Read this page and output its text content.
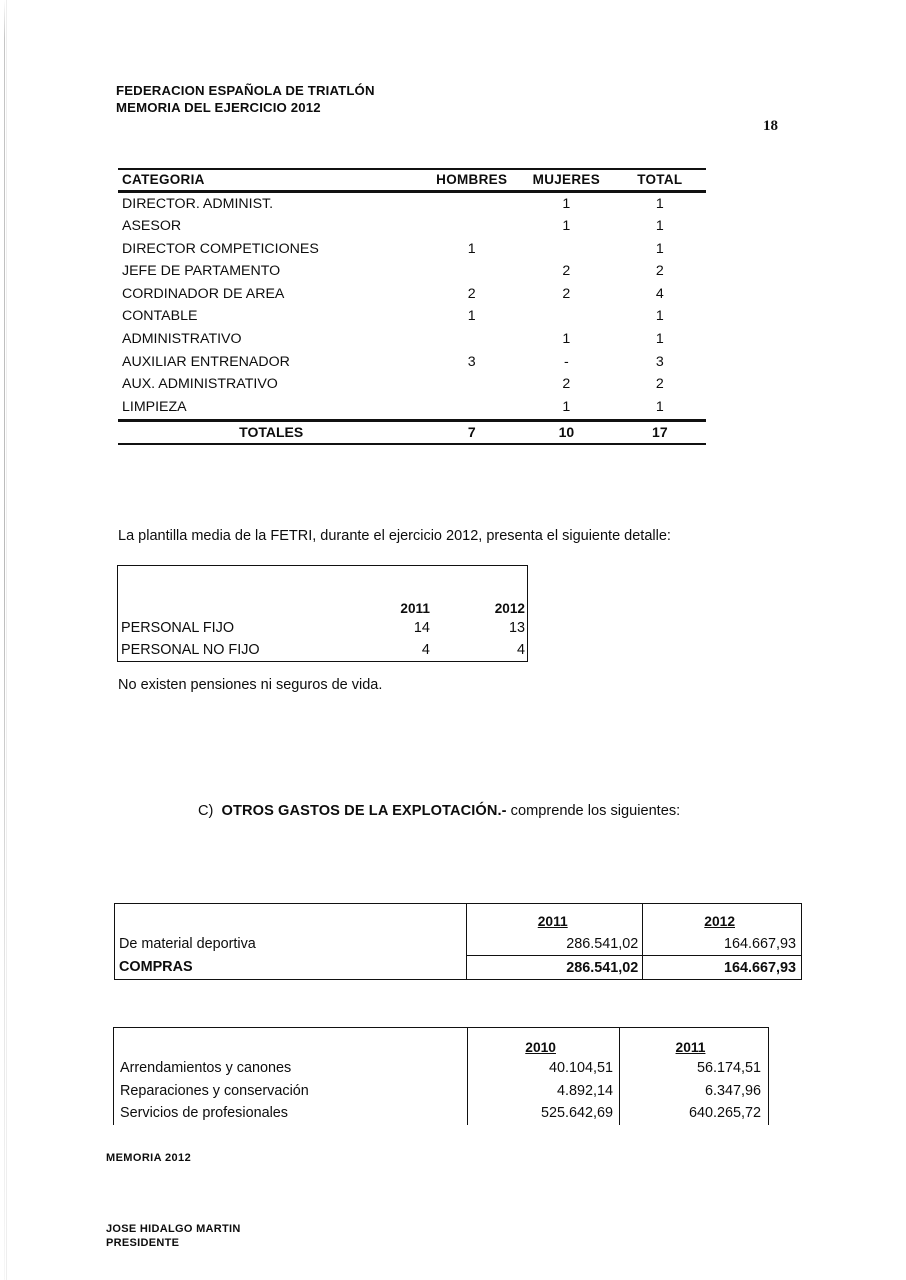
FEDERACION ESPAÑOLA DE TRIATLÓN
MEMORIA DEL EJERCICIO 2012
18
CATEGORIA	HOMBRES	MUJERES	TOTAL
DIRECTOR. ADMINIST.		1	1
ASESOR		1	1
DIRECTOR COMPETICIONES	1		1
JEFE DE PARTAMENTO		2	2
CORDINADOR DE AREA	2	2	4
CONTABLE	1		1
ADMINISTRATIVO		1	1
AUXILIAR ENTRENADOR	3	-	3
AUX. ADMINISTRATIVO		2	2
LIMPIEZA		1	1
TOTALES	7	10	17
La plantilla media de la FETRI, durante el ejercicio 2012, presenta el siguiente detalle:

	2011	2012
PERSONAL FIJO	14	13
PERSONAL NO FIJO	4	4
No existen pensiones ni seguros de vida.
C) OTROS GASTOS DE LA EXPLOTACIÓN.- comprende los siguientes:
	2011	2012
De material deportiva	286.541,02	164.667,93
COMPRAS	286.541,02	164.667,93
	2010	2011
Arrendamientos y canones	40.104,51	56.174,51
Reparaciones y conservación	4.892,14	6.347,96
Servicios de profesionales	525.642,69	640.265,72
MEMORIA 2012
JOSE HIDALGO MARTIN
PRESIDENTE
